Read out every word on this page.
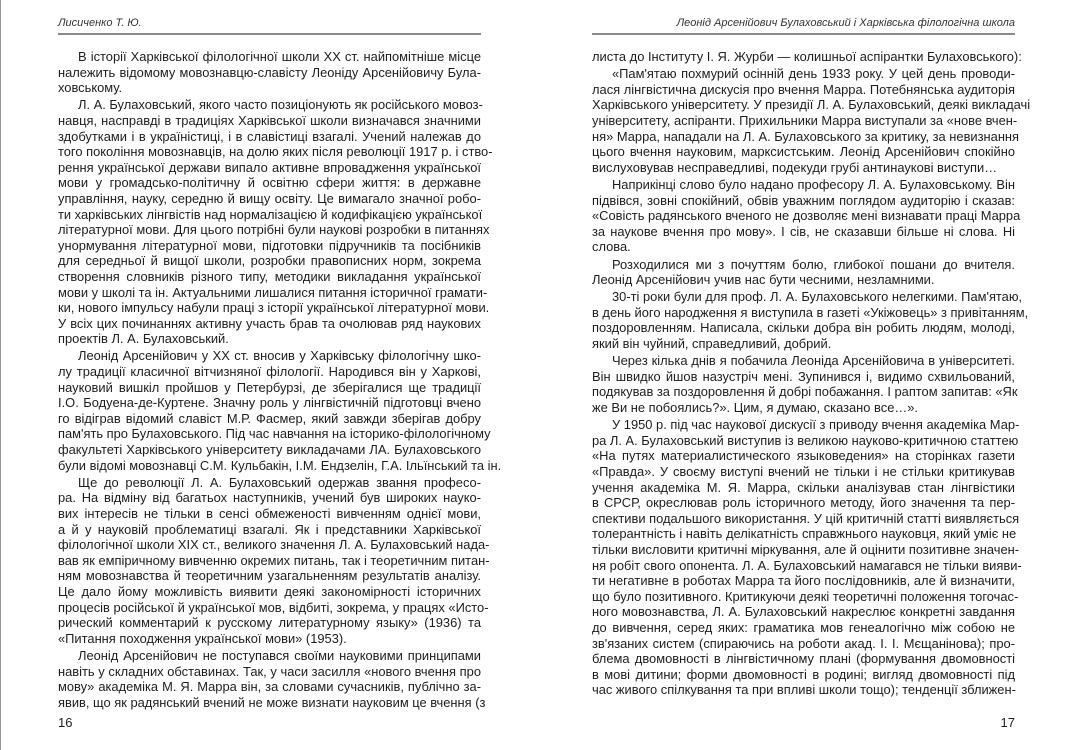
Лисиченко Т. Ю.
В історії Харківської філологічної школи XX ст. найпомітніше місце
належить відомому мовознавцю-славісту Леоніду Арсенійовичу Була-
ховському.
Л. А. Булаховський, якого часто позиціонують як російського мовоз-
навця, насправді в традиціях Харківської школи визначався значними
здобутками і в україністиці, і в славістиці взагалі. Учений належав до
того покоління мовознавців, на долю яких після революції 1917 р. і ство-
рення української держави випало активне впровадження української
мови у громадсько-політичну й освітню сфери життя: в державне
управління, науку, середню й вищу освіту. Це вимагало значної робо-
ти харківських лінгвістів над нормалізацією й кодифікацією української
літературної мови. Для цього потрібні були наукові розробки в питаннях
унормування літературної мови, підготовки підручників та посібників
для середньої й вищої школи, розробки правописних норм, зокрема
створення словників різного типу, методики викладання української
мови у школі та ін. Актуальними лишалися питання історичної грамати-
ки, нового імпульсу набули праці з історії української літературної мови.
У всіх цих починаннях активну участь брав та очолював ряд наукових
проектів Л. А. Булаховський.
Леонід Арсенійович у XX ст. вносив у Харківську філологічну шко-
лу традиції класичної вітчизняної філології. Народився він у Харкові,
науковий вишкіл пройшов у Петербурзі, де зберігалися ще традиції
І.О. Бодуена-де-Куртене. Значну роль у лінгвістичній підготовці вчено
го відіграв відомий славіст М.Р. Фасмер, який завжди зберігав добру
пам'ять про Булаховського. Під час навчання на історико-філологічному
факультеті Харківського університету викладачами ЛА. Булаховського
були відомі мовознавці С.М. Кульбакін, І.М. Ендзелін, Г.А. Ільїнський та ін.
Ще до революції Л. А. Булаховський одержав звання професо-
ра. На відміну від багатьох наступників, учений був широких науко-
вих інтересів не тільки в сенсі обмеженості вивченням однієї мови,
а й у науковій проблематиці взагалі. Як і представники Харківської
філологічної школи XIX ст., великого значення Л. А. Булаховський нада-
вав як емпіричному вивченню окремих питань, так і теоретичним питан-
ням мовознавства й теоретичним узагальненням результатів аналізу.
Це дало йому можливість виявити деякі закономірності історичних
процесів російської й української мов, відбиті, зокрема, у працях «Исто-
рический комментарий к русскому литературному языку» (1936) та
«Питання походження української мови» (1953).
Леонід Арсенійович не поступався своїми науковими принципами
навіть у складних обставинах. Так, у часи засилля «нового вчення про
мову» академіка М. Я. Марра він, за словами сучасників, публічно за-
явив, що як радянський вчений не може визнати науковим це вчення (з
16
Леонід Арсенійович Булаховський і Харківська філологічна школа
листа до Інституту І. Я. Журби — колишньої аспірантки Булаховського):
«Пам'ятаю похмурий осінній день 1933 року. У цей день проводи-
лася лінгвістична дискусія про вчення Марра. Потебнянська аудиторія
Харківського університету. У президії Л. А. Булаховський, деякі викладачі
університету, аспіранти. Прихильники Марра виступали за «нове вчен-
ня» Марра, нападали на Л. А. Булаховського за критику, за невизнання
цього вчення науковим, марксистським. Леонід Арсенійович спокійно
вислуховував несправедливі, подекуди грубі антинаукові виступи…
Наприкінці слово було надано професору Л. А. Булаховському. Він
підвівся, зовні спокійний, обвів уважним поглядом аудиторію і сказав:
«Совість радянського вченого не дозволяє мені визнавати праці Марра
за наукове вчення про мову». І сів, не сказавши більше ні слова. Ні
слова.
Розходилися ми з почуттям болю, глибокої пошани до вчителя.
Леонід Арсенійович учив нас бути чесними, незламними.
30-ті роки були для проф. Л. А. Булаховського нелегкими. Пам'ятаю,
в день його народження я виступила в газеті «Укіжовець» з привітанням,
поздоровленням. Написала, скільки добра він робить людям, молоді,
який він чуйний, справедливий, добрий.
Через кілька днів я побачила Леоніда Арсенійовича в університеті.
Він швидко йшов назустріч мені. Зупинився і, видимо схвильований,
подякував за поздоровлення й добрі побажання. І раптом запитав: «Як
же Ви не побоялись?». Цим, я думаю, сказано все…».
У 1950 р. під час наукової дискусії з приводу вчення академіка Мар-
ра Л. А. Булаховський виступив із великою науково-критичною статтею
«На путях материалистического языковедения» на сторінках газети
«Правда». У своєму виступі вчений не тільки і не стільки критикував
учення академіка М. Я. Марра, скільки аналізував стан лінгвістики
в СРСР, окреслював роль історичного методу, його значення та пер-
спективи подальшого використання. У цій критичній статті виявляється
толерантність і навіть делікатність справжнього науковця, який уміє не
тільки висловити критичні міркування, але й оцінити позитивне значен-
ня робіт свого опонента. Л. А. Булаховський намагався не тільки вияви-
ти негативне в роботах Марра та його послідовників, але й визначити,
що було позитивного. Критикуючи деякі теоретичні положення тогочас-
ного мовознавства, Л. А. Булаховський накреслює конкретні завдання
до вивчення, серед яких: граматика мов генеалогічно між собою не
зв'язаних систем (спираючись на роботи акад. І. І. Мєщанінова); про-
блема двомовності в лінгвістичному плані (формування двомовності
в мові дитини; форми двомовності в родині; вигляд двомовності під
час живого спілкування та при впливі школи тощо); тенденції зближен-
17
